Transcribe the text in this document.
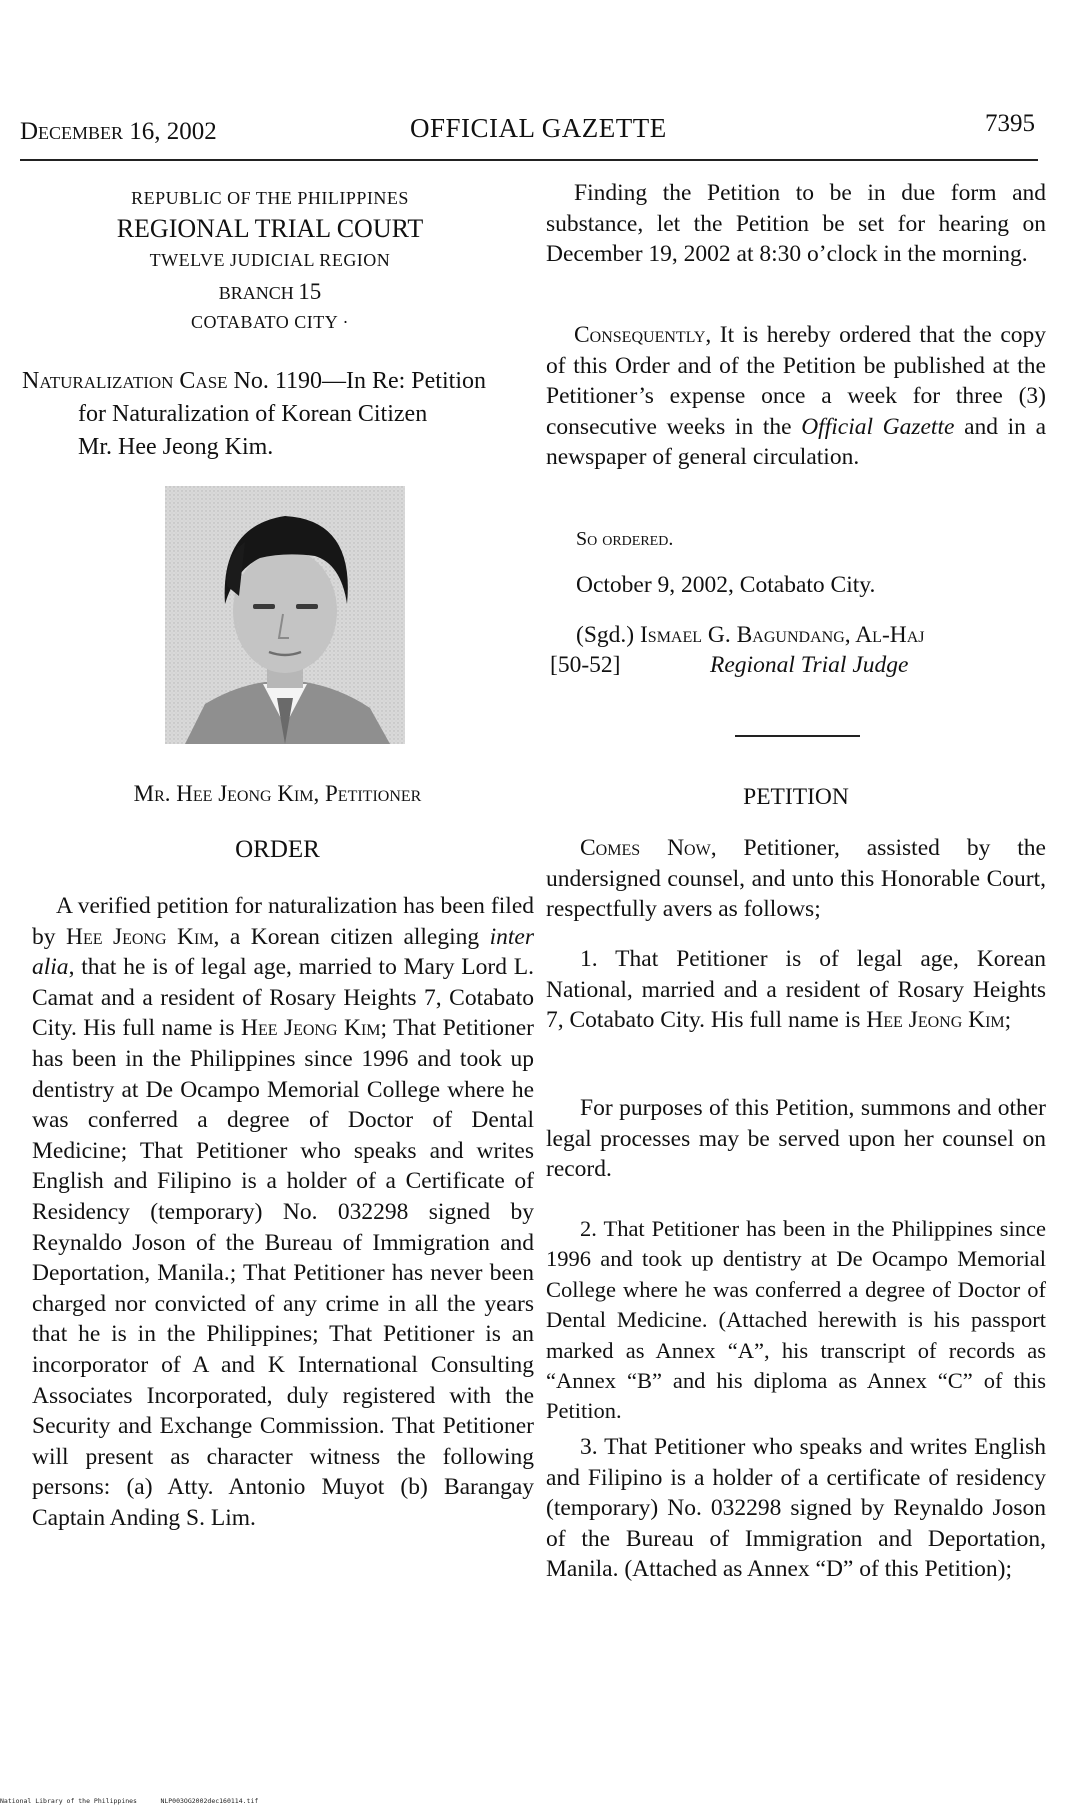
December 16, 2002	OFFICIAL GAZETTE	7395
REPUBLIC OF THE PHILIPPINES
REGIONAL TRIAL COURT
TWELVE JUDICIAL REGION
BRANCH 15
COTABATO CITY ·
Naturalization Case No. 1190—In Re: Petition
for Naturalization of Korean Citizen
Mr. Hee Jeong Kim.
Mr. Hee Jeong Kim, Petitioner
ORDER
A verified petition for naturalization has been filed by Hee Jeong Kim, a Korean citizen alleging inter alia, that he is of legal age, married to Mary Lord L. Camat and a resident of Rosary Heights 7, Cotabato City. His full name is Hee Jeong Kim; That Petitioner has been in the Philippines since 1996 and took up dentistry at De Ocampo Memorial College where he was conferred a degree of Doctor of Dental Medicine; That Petitioner who speaks and writes English and Filipino is a holder of a Certificate of Residency (temporary) No. 032298 signed by Reynaldo Joson of the Bureau of Immigration and Deportation, Manila.; That Petitioner has never been charged nor convicted of any crime in all the years that he is in the Philippines; That Petitioner is an incorporator of A and K International Consulting Associates Incorporated, duly registered with the Security and Exchange Commission. That Petitioner will present as character witness the following persons: (a) Atty. Antonio Muyot (b) Barangay Captain Anding S. Lim.
Finding the Petition to be in due form and substance, let the Petition be set for hearing on December 19, 2002 at 8:30 o’clock in the morning.
Consequently, It is hereby ordered that the copy of this Order and of the Petition be published at the Petitioner’s expense once a week for three (3) consecutive weeks in the Official Gazette and in a newspaper of general circulation.
So ordered.
October 9, 2002, Cotabato City.
(Sgd.) Ismael G. Bagundang, Al-Haj
[50-52]	Regional Trial Judge
PETITION
Comes Now, Petitioner, assisted by the undersigned counsel, and unto this Honorable Court, respectfully avers as follows;
1. That Petitioner is of legal age, Korean National, married and a resident of Rosary Heights 7, Cotabato City. His full name is Hee Jeong Kim;
For purposes of this Petition, summons and other legal processes may be served upon her counsel on record.
2. That Petitioner has been in the Philippines since 1996 and took up dentistry at De Ocampo Memorial College where he was conferred a degree of Doctor of Dental Medicine. (Attached herewith is his passport marked as Annex “A”, his transcript of records as “Annex “B” and his diploma as Annex “C” of this Petition.
3. That Petitioner who speaks and writes English and Filipino is a holder of a certificate of residency (temporary) No. 032298 signed by Reynaldo Joson of the Bureau of Immigration and Deportation, Manila. (Attached as Annex “D” of this Petition);
National Library of the Philippines      NLP003OG2002dec160114.tif
